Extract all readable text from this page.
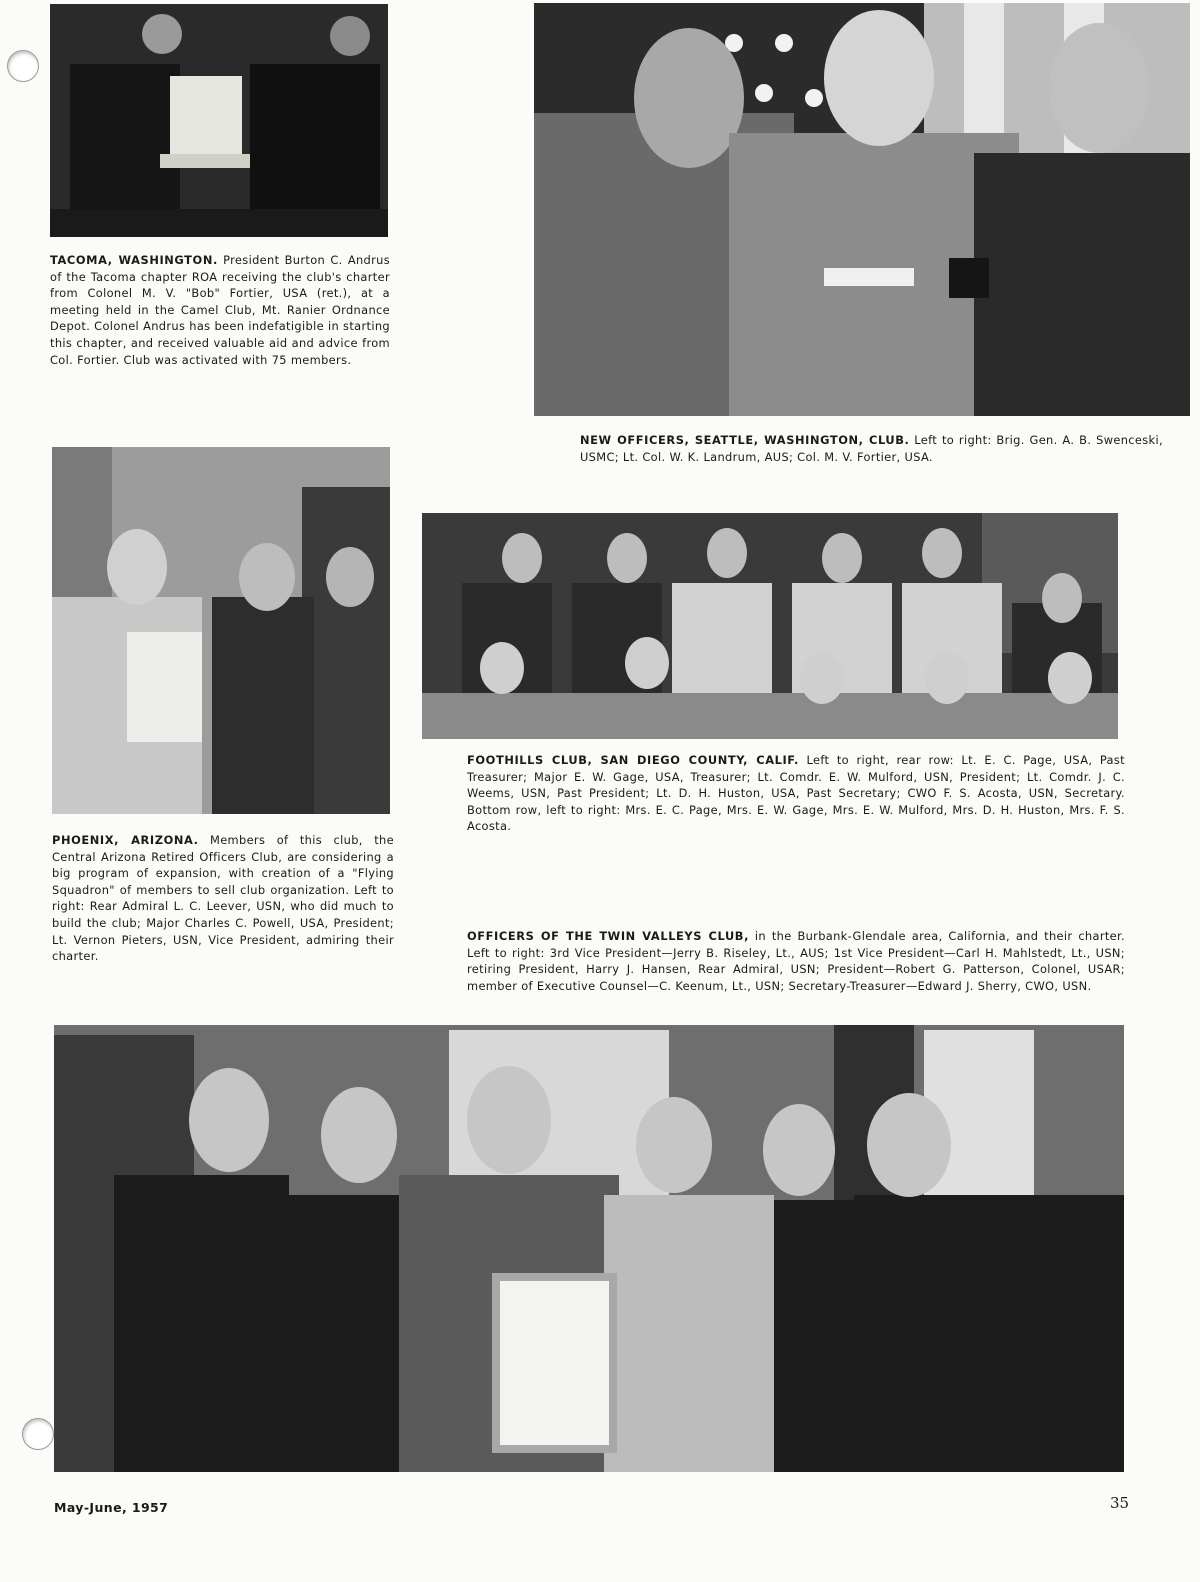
TACOMA, WASHINGTON. President Burton C. Andrus of the Tacoma chapter ROA receiving the club's charter from Colonel M. V. "Bob" Fortier, USA (ret.), at a meeting held in the Camel Club, Mt. Ranier Ordnance Depot. Colonel Andrus has been indefatigible in starting this chapter, and received valuable aid and advice from Col. Fortier. Club was activated with 75 members.

NEW OFFICERS, SEATTLE, WASHINGTON, CLUB. Left to right: Brig. Gen. A. B. Swenceski, USMC; Lt. Col. W. K. Landrum, AUS; Col. M. V. Fortier, USA.

FOOTHILLS CLUB, SAN DIEGO COUNTY, CALIF. Left to right, rear row: Lt. E. C. Page, USA, Past Treasurer; Major E. W. Gage, USA, Treasurer; Lt. Comdr. E. W. Mulford, USN, President; Lt. Comdr. J. C. Weems, USN, Past President; Lt. D. H. Huston, USA, Past Secretary; CWO F. S. Acosta, USN, Secretary. Bottom row, left to right: Mrs. E. C. Page, Mrs. E. W. Gage, Mrs. E. W. Mulford, Mrs. D. H. Huston, Mrs. F. S. Acosta.

PHOENIX, ARIZONA. Members of this club, the Central Arizona Retired Officers Club, are considering a big program of expansion, with creation of a "Flying Squadron" of members to sell club organization. Left to right: Rear Admiral L. C. Leever, USN, who did much to build the club; Major Charles C. Powell, USA, President; Lt. Vernon Pieters, USN, Vice President, admiring their charter.

OFFICERS OF THE TWIN VALLEYS CLUB, in the Burbank-Glendale area, California, and their charter. Left to right: 3rd Vice President—Jerry B. Riseley, Lt., AUS; 1st Vice President—Carl H. Mahlstedt, Lt., USN; retiring President, Harry J. Hansen, Rear Admiral, USN; President—Robert G. Patterson, Colonel, USAR; member of Executive Counsel—C. Keenum, Lt., USN; Secretary-Treasurer—Edward J. Sherry, CWO, USN.

May-June, 1957	35
